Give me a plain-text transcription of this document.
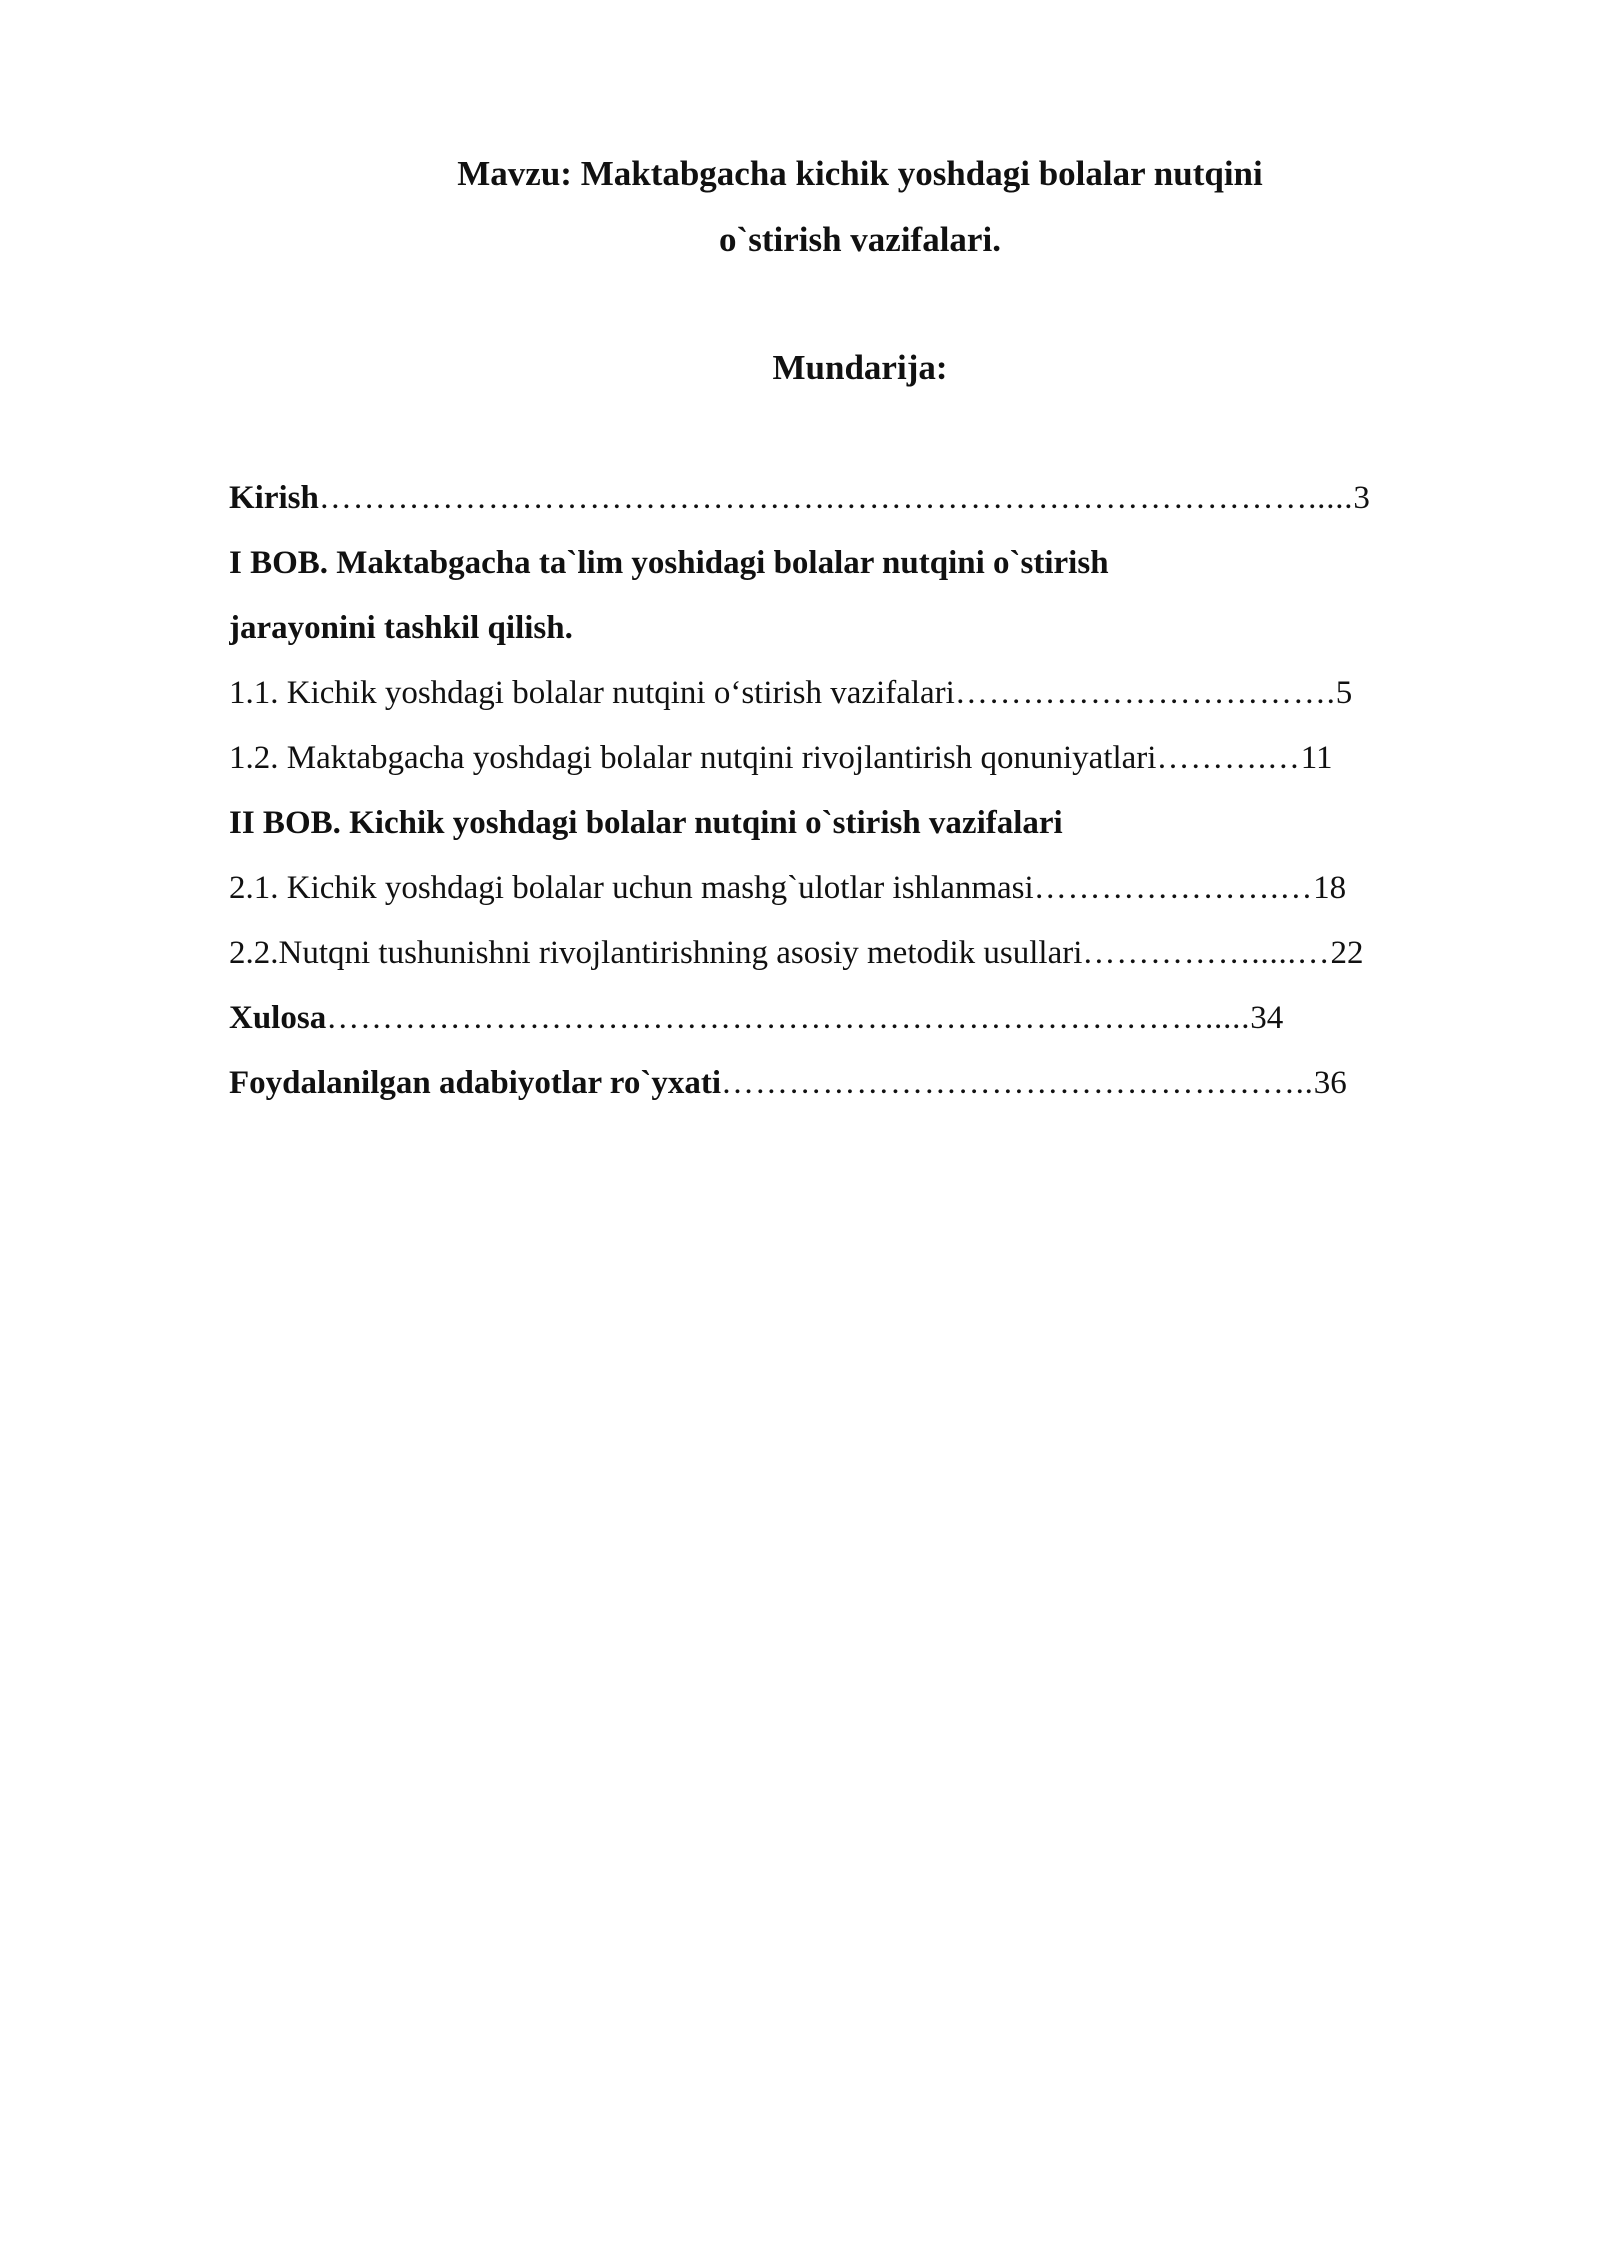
Mavzu: Maktabgacha kichik yoshdagi bolalar nutqini
o`stirish vazifalari.
Mundarija:
Kirish ……………………………………….……………………………………..... 3
I BOB. Maktabgacha ta`lim yoshidagi bolalar nutqini o`stirish
jarayonini tashkil qilish.
1.1. Kichik yoshdagi bolalar nutqini o‘stirish vazifalari ……………………………. 5
1.2. Maktabgacha yoshdagi bolalar nutqini rivojlantirish qonuniyatlari ……….… 11
II BOB. Kichik yoshdagi bolalar nutqini o`stirish vazifalari
2.1. Kichik yoshdagi bolalar uchun mashg`ulotlar ishlanmasi ………………….… 18
2.2.Nutqni tushunishni rivojlantirishning asosiy metodik usullari …………….....… 22
Xulosa ……………………………………………………………………..... 34
Foydalanilgan adabiyotlar ro`yxati …………………………………………….. 36
